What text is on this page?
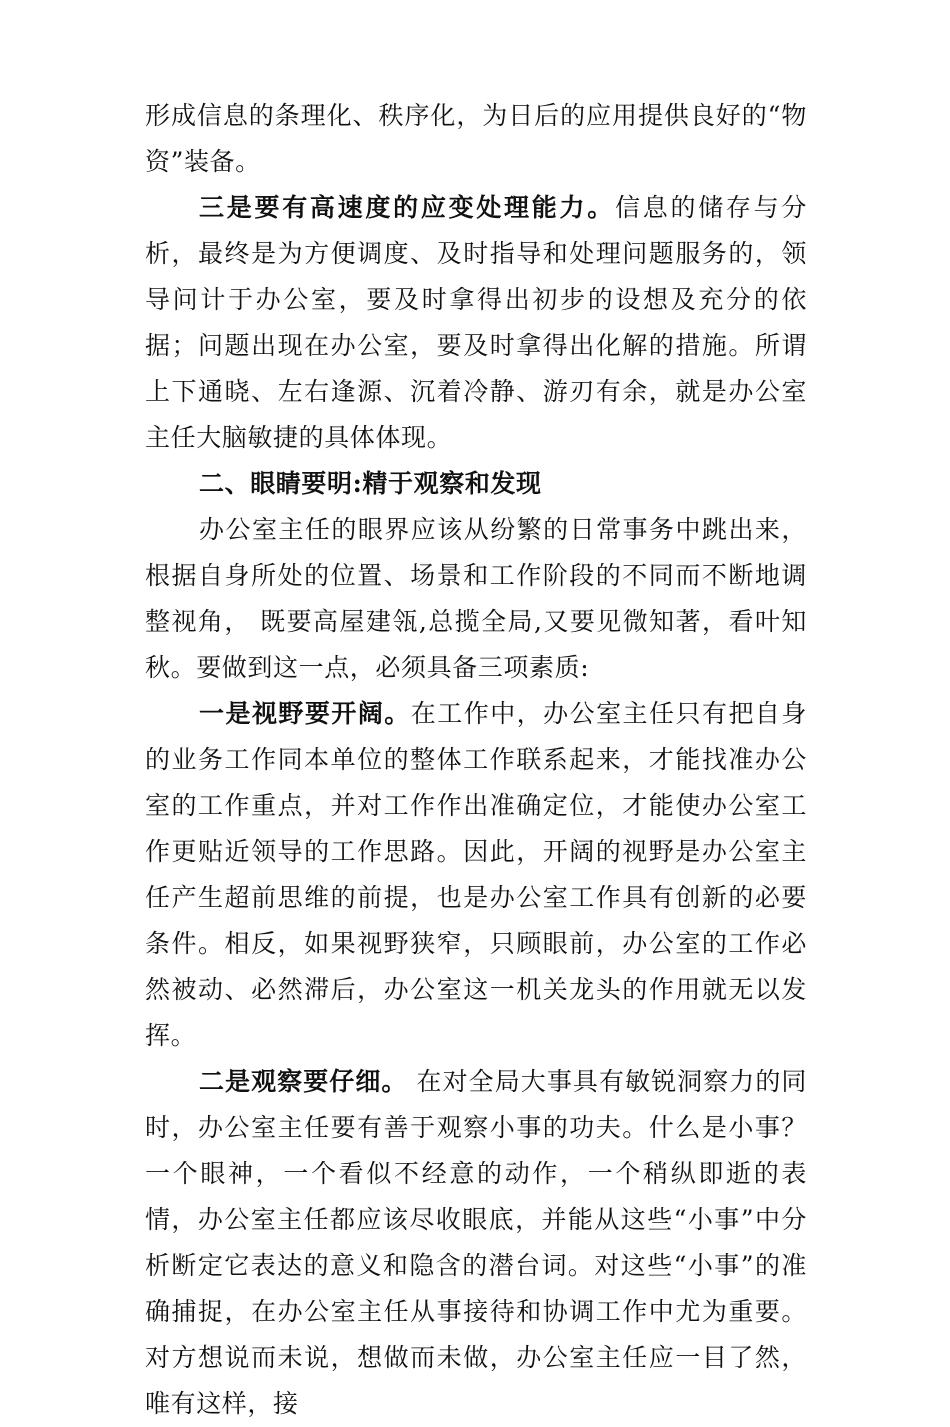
形成信息的条理化、秩序化，为日后的应用提供良好的“物资”装备。

三是要有高速度的应变处理能力。信息的储存与分析，最终是为方便调度、及时指导和处理问题服务的，领导问计于办公室，要及时拿得出初步的设想及充分的依据；问题出现在办公室，要及时拿得出化解的措施。所谓上下通晓、左右逢源、沉着冷静、游刃有余，就是办公室主任大脑敏捷的具体体现。

二、眼睛要明:精于观察和发现

办公室主任的眼界应该从纷繁的日常事务中跳出来，根据自身所处的位置、场景和工作阶段的不同而不断地调整视角， 既要高屋建瓴,总揽全局,又要见微知著，看叶知秋。要做到这一点，必须具备三项素质:

一是视野要开阔。在工作中，办公室主任只有把自身的业务工作同本单位的整体工作联系起来，才能找准办公室的工作重点，并对工作作出准确定位，才能使办公室工作更贴近领导的工作思路。因此，开阔的视野是办公室主任产生超前思维的前提，也是办公室工作具有创新的必要条件。相反，如果视野狭窄，只顾眼前，办公室的工作必然被动、必然滞后，办公室这一机关龙头的作用就无以发挥。

二是观察要仔细。 在对全局大事具有敏锐洞察力的同时，办公室主任要有善于观察小事的功夫。什么是小事？一个眼神，一个看似不经意的动作，一个稍纵即逝的表情，办公室主任都应该尽收眼底，并能从这些“小事”中分析断定它表达的意义和隐含的潜台词。对这些“小事”的准确捕捉，在办公室主任从事接待和协调工作中尤为重要。对方想说而未说，想做而未做，办公室主任应一目了然，唯有这样，接
